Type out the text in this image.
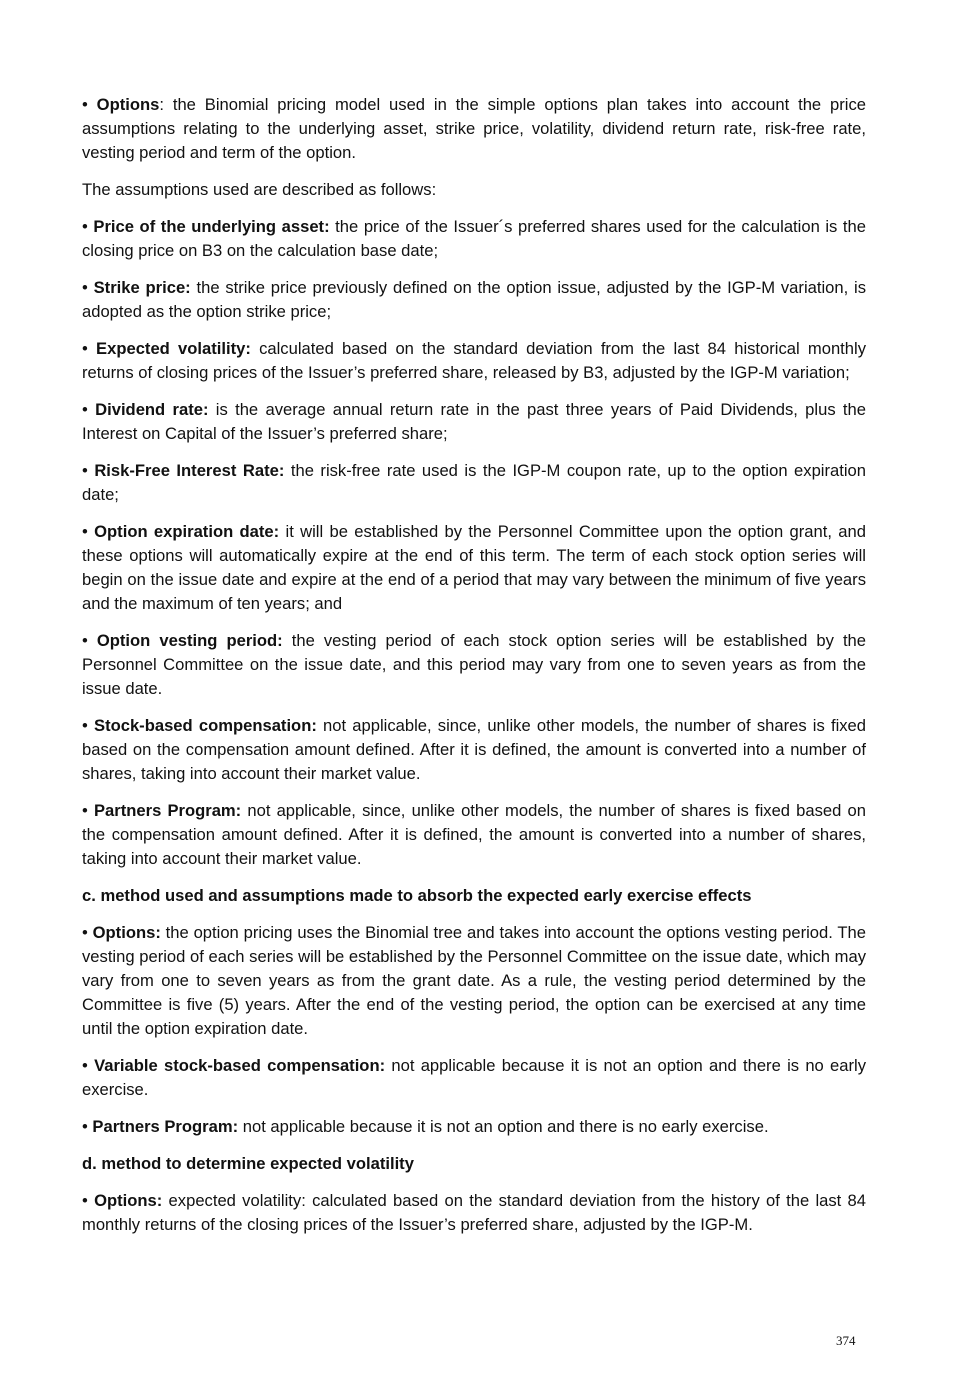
• Options: the Binomial pricing model used in the simple options plan takes into account the price assumptions relating to the underlying asset, strike price, volatility, dividend return rate, risk-free rate, vesting period and term of the option.

The assumptions used are described as follows:

• Price of the underlying asset: the price of the Issuer´s preferred shares used for the calculation is the closing price on B3 on the calculation base date;

• Strike price: the strike price previously defined on the option issue, adjusted by the IGP-M variation, is adopted as the option strike price;

• Expected volatility: calculated based on the standard deviation from the last 84 historical monthly returns of closing prices of the Issuer’s preferred share, released by B3, adjusted by the IGP-M variation;

• Dividend rate: is the average annual return rate in the past three years of Paid Dividends, plus the Interest on Capital of the Issuer’s preferred share;

• Risk-Free Interest Rate: the risk-free rate used is the IGP-M coupon rate, up to the option expiration date;

• Option expiration date: it will be established by the Personnel Committee upon the option grant, and these options will automatically expire at the end of this term. The term of each stock option series will begin on the issue date and expire at the end of a period that may vary between the minimum of five years and the maximum of ten years; and

• Option vesting period: the vesting period of each stock option series will be established by the Personnel Committee on the issue date, and this period may vary from one to seven years as from the issue date.

• Stock-based compensation: not applicable, since, unlike other models, the number of shares is fixed based on the compensation amount defined. After it is defined, the amount is converted into a number of shares, taking into account their market value.

• Partners Program: not applicable, since, unlike other models, the number of shares is fixed based on the compensation amount defined. After it is defined, the amount is converted into a number of shares, taking into account their market value.

c. method used and assumptions made to absorb the expected early exercise effects

• Options: the option pricing uses the Binomial tree and takes into account the options vesting period. The vesting period of each series will be established by the Personnel Committee on the issue date, which may vary from one to seven years as from the grant date. As a rule, the vesting period determined by the Committee is five (5) years. After the end of the vesting period, the option can be exercised at any time until the option expiration date.

• Variable stock-based compensation: not applicable because it is not an option and there is no early exercise.

• Partners Program: not applicable because it is not an option and there is no early exercise.

d. method to determine expected volatility

• Options: expected volatility: calculated based on the standard deviation from the history of the last 84 monthly returns of the closing prices of the Issuer’s preferred share, adjusted by the IGP-M.

374
